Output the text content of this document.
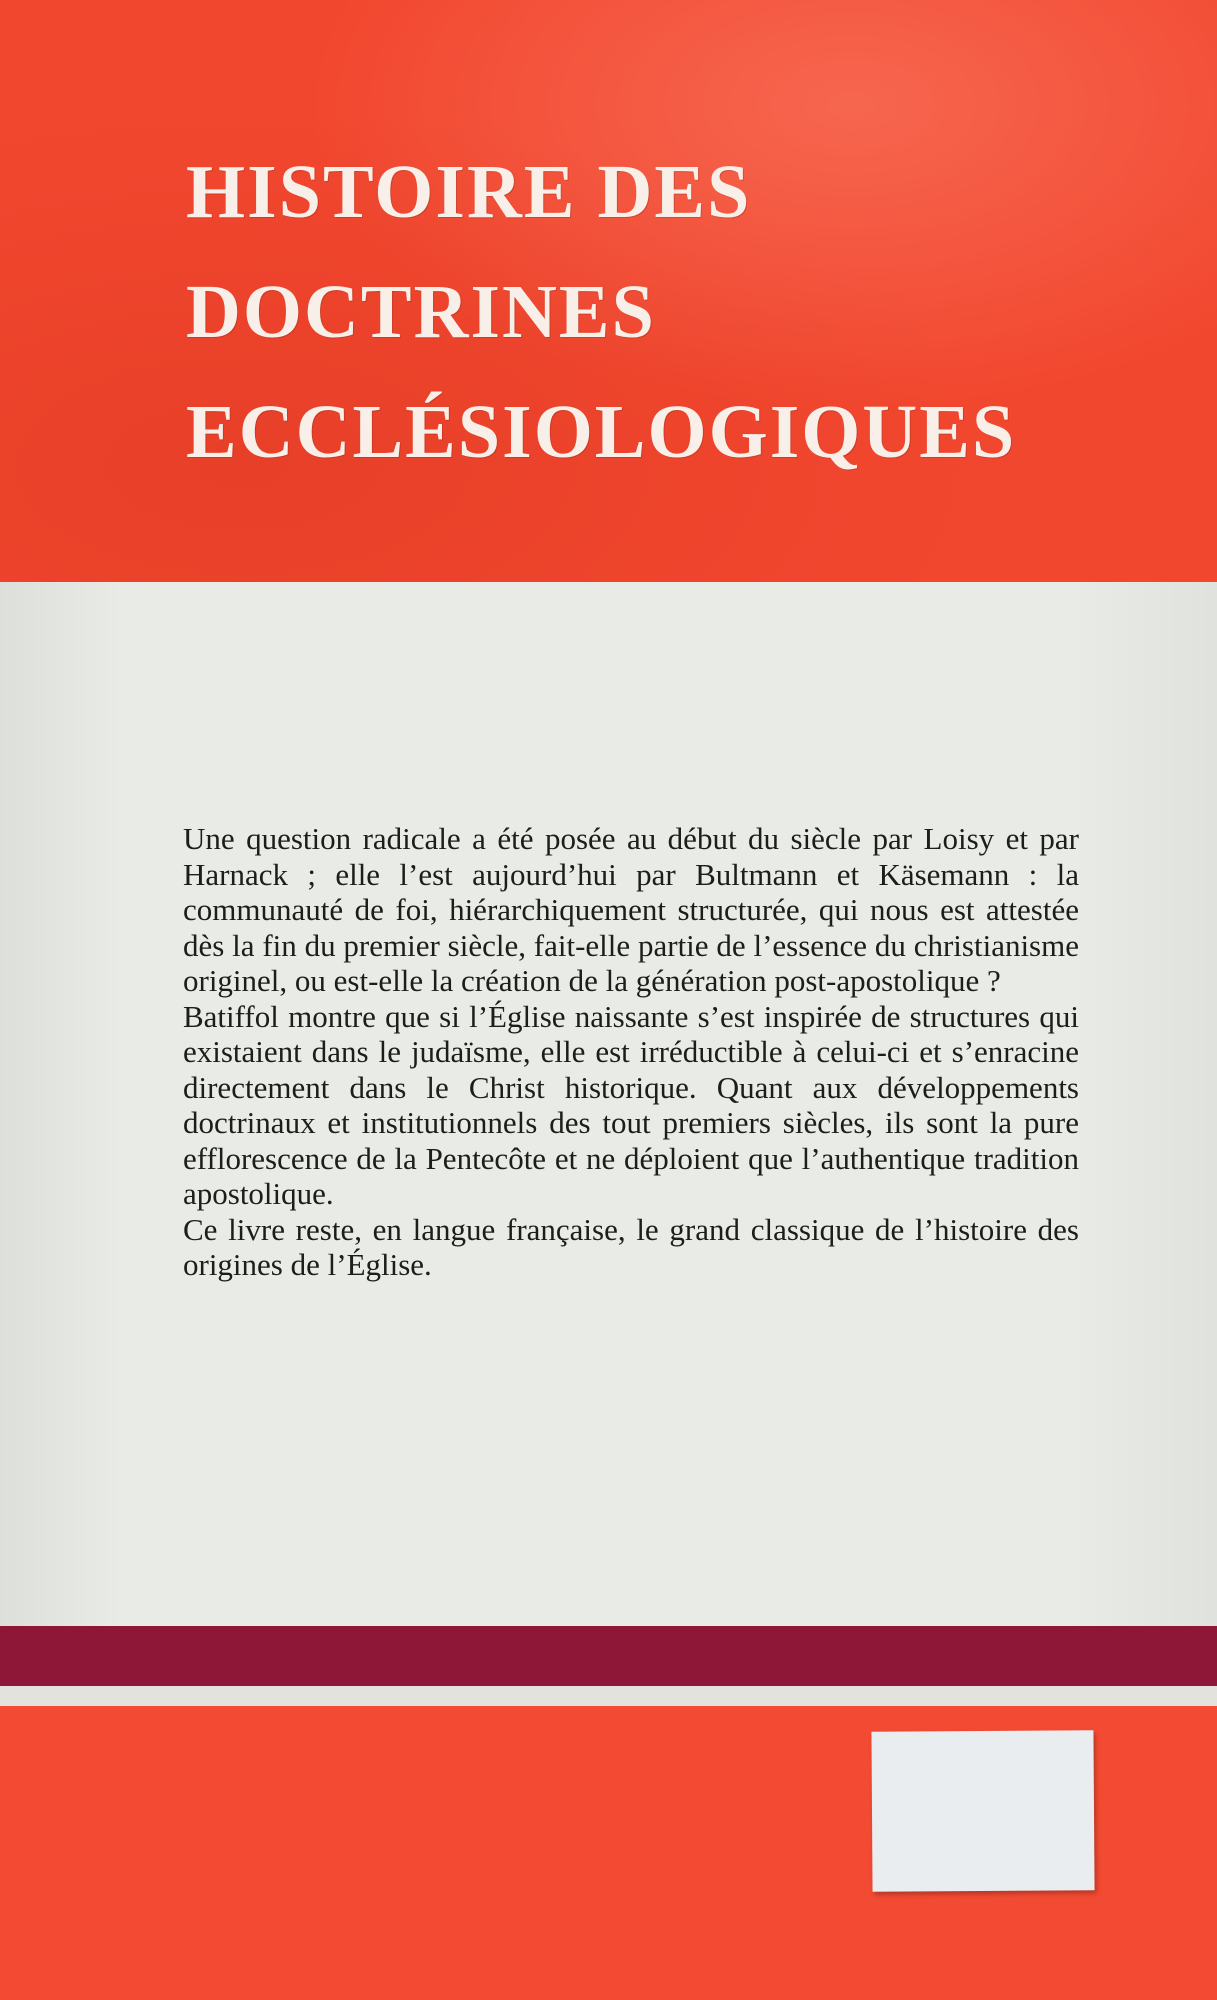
HISTOIRE DES
DOCTRINES
ECCLÉSIOLOGIQUES

Une question radicale a été posée au début du siècle par Loisy et par Harnack ; elle l’est aujourd’hui par Bultmann et Käsemann : la communauté de foi, hiérarchiquement structurée, qui nous est attestée dès la fin du premier siècle, fait-elle partie de l’essence du christianisme originel, ou est-elle la création de la génération post-apostolique ?

Batiffol montre que si l’Église naissante s’est inspirée de structures qui existaient dans le judaïsme, elle est irréductible à celui-ci et s’enracine directement dans le Christ historique. Quant aux développements doctrinaux et institutionnels des tout premiers siècles, ils sont la pure efflorescence de la Pentecôte et ne déploient que l’authentique tradition apostolique.

Ce livre reste, en langue française, le grand classique de l’histoire des origines de l’Église.
